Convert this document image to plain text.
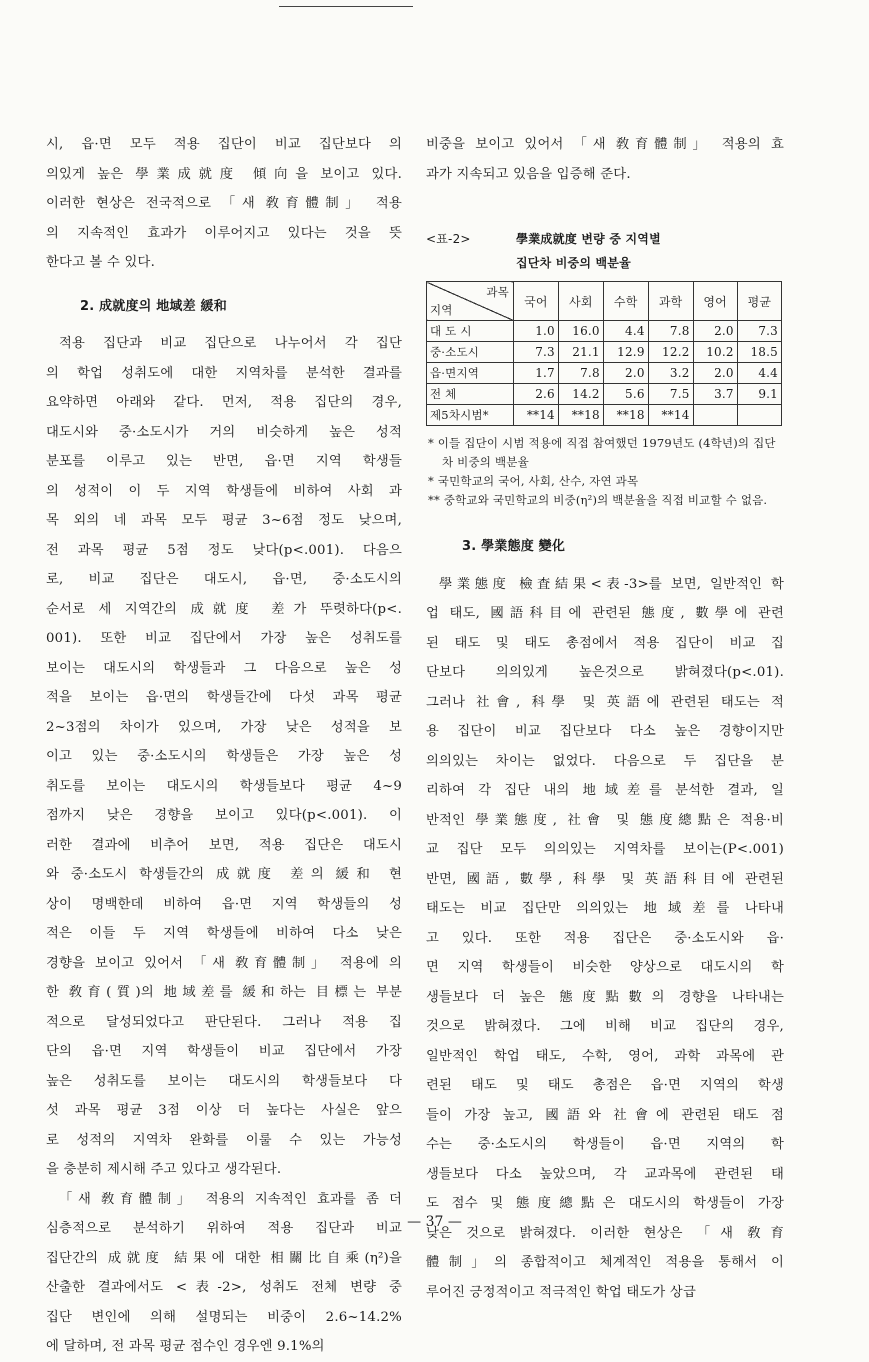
시, 읍·면 모두 적용 집단이 비교 집단보다 의
의있게 높은 學業成就度 傾向을 보이고 있다.
이러한 현상은 전국적으로 「새 敎育體制」 적용
의 지속적인 효과가 이루어지고 있다는 것을 뜻
한다고 볼 수 있다.
2. 成就度의 地域差 緩和
적용 집단과 비교 집단으로 나누어서 각 집단
의 학업 성취도에 대한 지역차를 분석한 결과를
요약하면 아래와 같다. 먼저, 적용 집단의 경우,
대도시와 중·소도시가 거의 비슷하게 높은 성적
분포를 이루고 있는 반면, 읍·면 지역 학생들
의 성적이 이 두 지역 학생들에 비하여 사회 과
목 외의 네 과목 모두 평균 3~6점 정도 낮으며,
전 과목 평균 5점 정도 낮다(p<.001). 다음으
로, 비교 집단은 대도시, 읍·면, 중·소도시의
순서로 세 지역간의 成就度 差가 뚜렷하다(p<.
001). 또한 비교 집단에서 가장 높은 성취도를
보이는 대도시의 학생들과 그 다음으로 높은 성
적을 보이는 읍·면의 학생들간에 다섯 과목 평균
2~3점의 차이가 있으며, 가장 낮은 성적을 보
이고 있는 중·소도시의 학생들은 가장 높은 성
취도를 보이는 대도시의 학생들보다 평균 4~9
점까지 낮은 경향을 보이고 있다(p<.001). 이
러한 결과에 비추어 보면, 적용 집단은 대도시
와 중·소도시 학생들간의 成就度 差의 緩和 현
상이 명백한데 비하여 읍·면 지역 학생들의 성
적은 이들 두 지역 학생들에 비하여 다소 낮은
경향을 보이고 있어서 「새 敎育體制」 적용에 의
한 敎育(質)의 地域差를 緩和하는 目標는 부분
적으로 달성되었다고 판단된다. 그러나 적용 집
단의 읍·면 지역 학생들이 비교 집단에서 가장
높은 성취도를 보이는 대도시의 학생들보다 다
섯 과목 평균 3점 이상 더 높다는 사실은 앞으
로 성적의 지역차 완화를 이룰 수 있는 가능성
을 충분히 제시해 주고 있다고 생각된다.
「새 敎育體制」 적용의 지속적인 효과를 좀 더
심층적으로 분석하기 위하여 적용 집단과 비교
집단간의 成就度 結果에 대한 相關比自乘(η²)을
산출한 결과에서도 <表-2>, 성취도 전체 변량 중
집단 변인에 의해 설명되는 비중이 2.6~14.2%
에 달하며, 전 과목 평균 점수인 경우엔 9.1%의
비중을 보이고 있어서 「새 敎育體制」 적용의 효
과가 지속되고 있음을 입증해 준다.

<표-2>	學業成就度 변량 중 지역별

집단차 비중의 백분율

과목
지역	국어	사회	수학	과학	영어	평균
대 도 시	1.0	16.0	4.4	7.8	2.0	7.3
중·소도시	7.3	21.1	12.9	12.2	10.2	18.5
읍·면지역	1.7	7.8	2.0	3.2	2.0	4.4
전 체	2.6	14.2	5.6	7.5	3.7	9.1
제5차시범*	**14	**18	**18	**14		

* 이들 집단이 시범 적용에 직접 참여했던 1979년도 (4학년)의 집단차 비중의 백분율

* 국민학교의 국어, 사회, 산수, 자연 과목

** 중학교와 국민학교의 비중(η²)의 백분율을 직접 비교할 수 없음.

3. 學業態度 變化
學業態度 檢査結果<表-3>를 보면, 일반적인 학
업 태도, 國語科目에 관련된 態度, 數學에 관련
된 태도 및 태도 총점에서 적용 집단이 비교 집
단보다 의의있게 높은것으로 밝혀졌다(p<.01).
그러나 社會, 科學 및 英語에 관련된 태도는 적
용 집단이 비교 집단보다 다소 높은 경향이지만
의의있는 차이는 없었다. 다음으로 두 집단을 분
리하여 각 집단 내의 地域差를 분석한 결과, 일
반적인 學業態度, 社會 및 態度總點은 적용·비
교 집단 모두 의의있는 지역차를 보이는(P<.001)
반면, 國語, 數學, 科學 및 英語科目에 관련된
태도는 비교 집단만 의의있는 地域差를 나타내
고 있다. 또한 적용 집단은 중·소도시와 읍·
면 지역 학생들이 비슷한 양상으로 대도시의 학
생들보다 더 높은 態度點數의 경향을 나타내는
것으로 밝혀졌다. 그에 비해 비교 집단의 경우,
일반적인 학업 태도, 수학, 영어, 과학 과목에 관
련된 태도 및 태도 총점은 읍·면 지역의 학생
들이 가장 높고, 國語와 社會에 관련된 태도 점
수는 중·소도시의 학생들이 읍·면 지역의 학
생들보다 다소 높았으며, 각 교과목에 관련된 태
도 점수 및 態度總點은 대도시의 학생들이 가장
낮은 것으로 밝혀졌다. 이러한 현상은 「새 敎育
體制」의 종합적이고 체계적인 적용을 통해서 이
루어진 긍정적이고 적극적인 학업 태도가 상급
— 37 —
